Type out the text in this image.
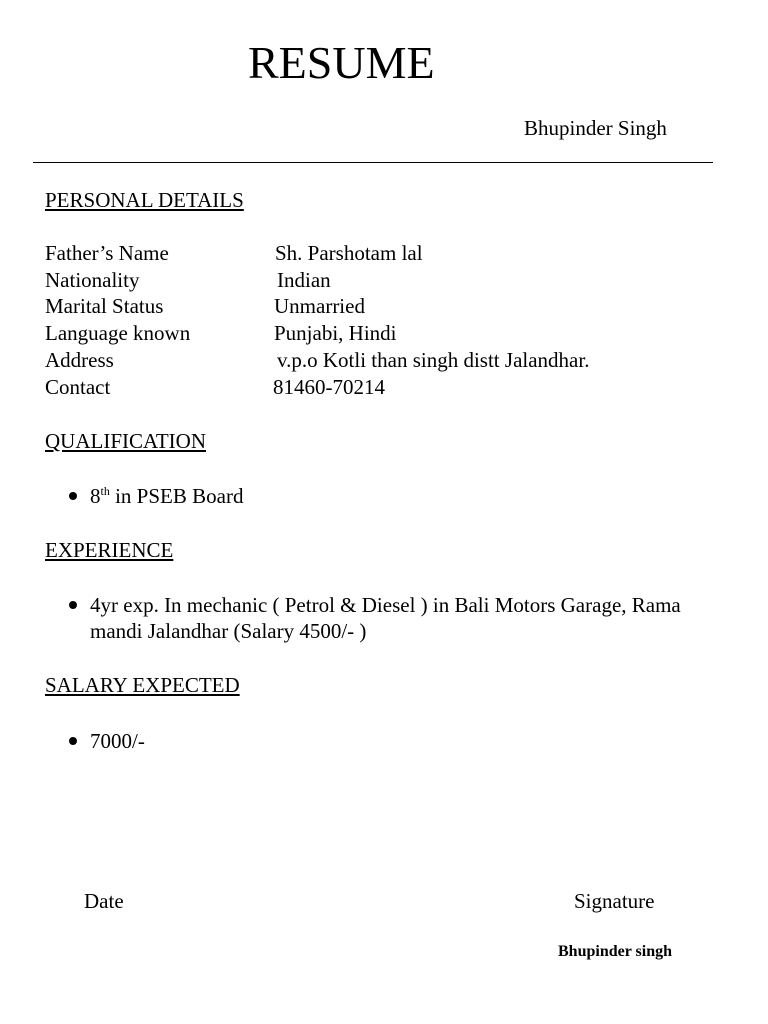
RESUME
Bhupinder Singh
PERSONAL DETAILS
Father’s Name	Sh. Parshotam lal
Nationality	Indian
Marital Status	Unmarried
Language known	Punjabi, Hindi
Address	v.p.o Kotli than singh distt Jalandhar.
Contact	81460-70214
QUALIFICATION
8th in PSEB Board
EXPERIENCE
4yr exp. In mechanic ( Petrol & Diesel ) in Bali Motors Garage, Rama mandi Jalandhar (Salary 4500/- )
SALARY EXPECTED
7000/-
Date	Signature
Bhupinder singh
